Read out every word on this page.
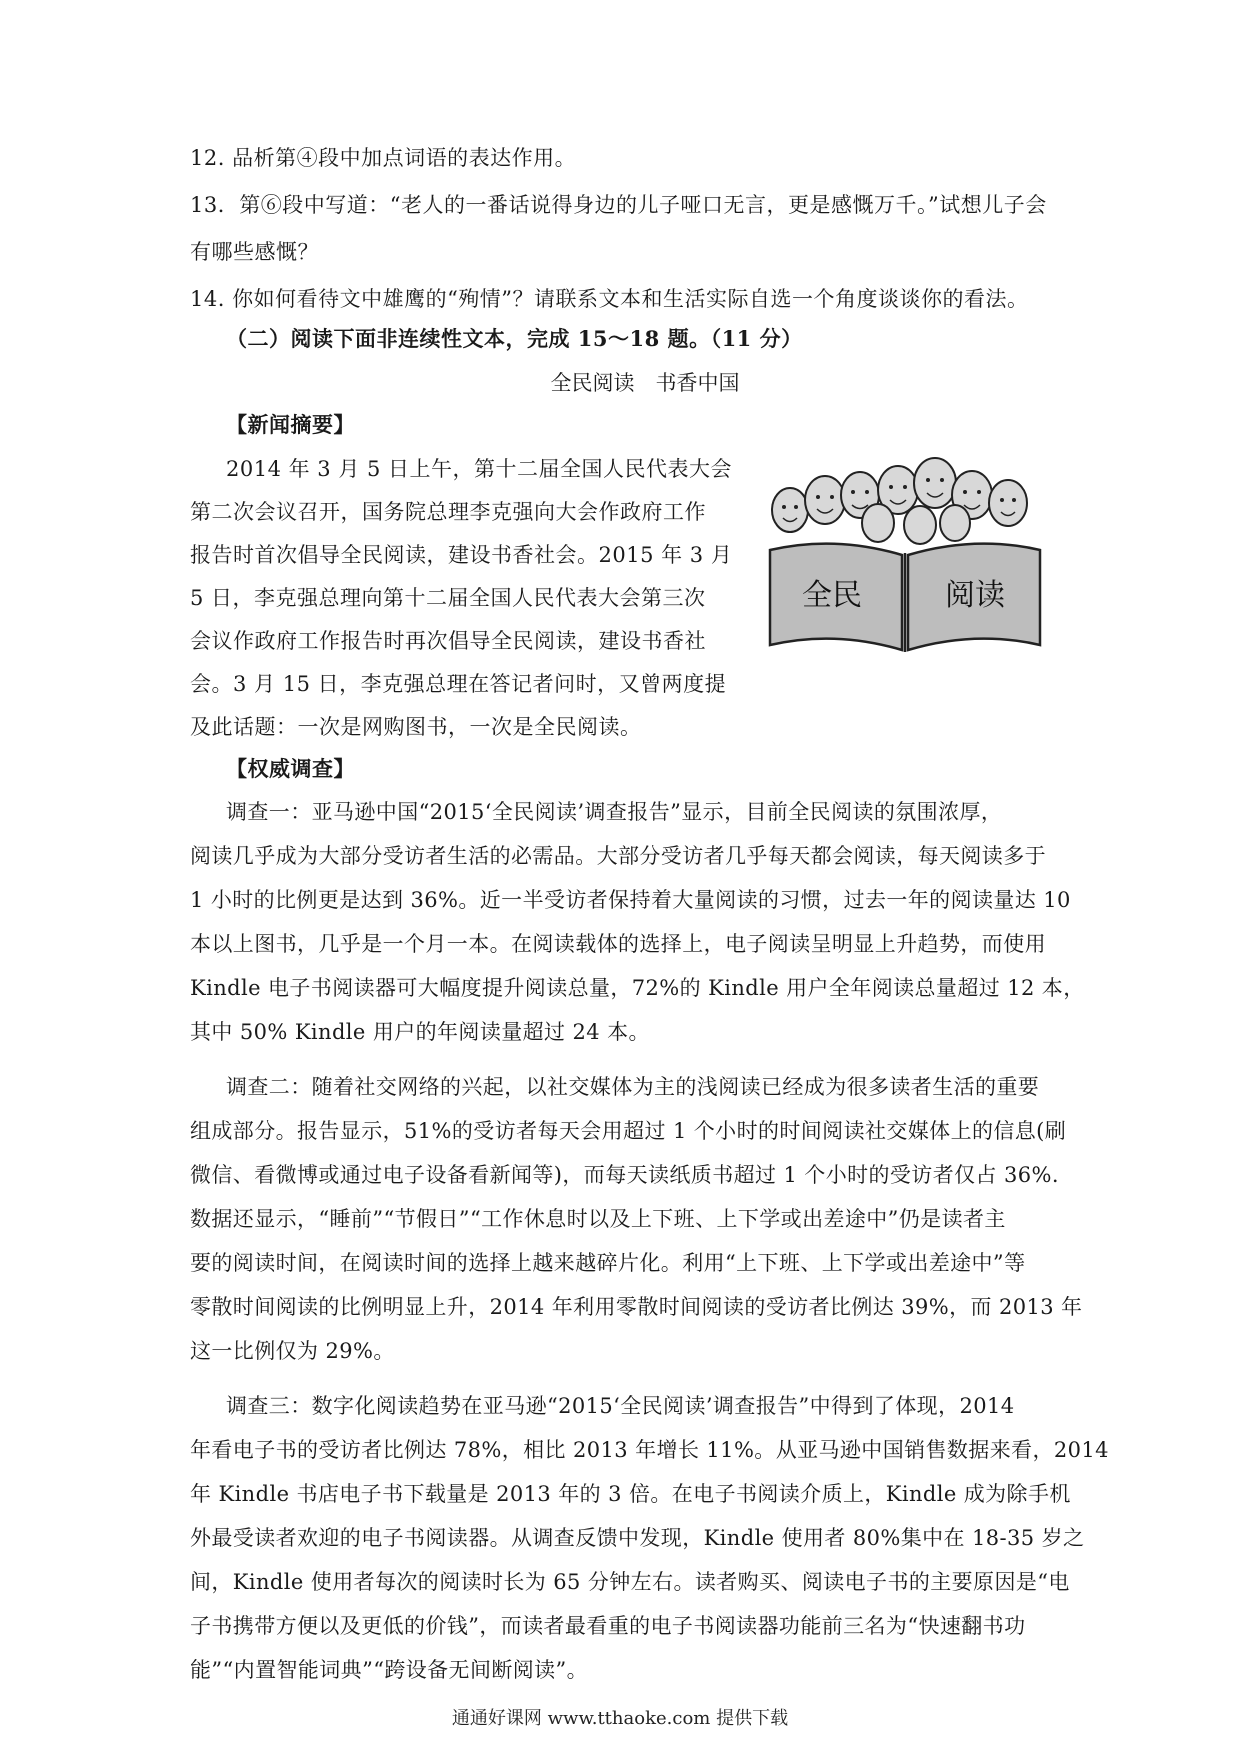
12. 品析第④段中加点词语的表达作用。
13．第⑥段中写道：“老人的一番话说得身边的儿子哑口无言，更是感慨万千。”试想儿子会
有哪些感慨？
14. 你如何看待文中雄鹰的“殉情”？请联系文本和生活实际自选一个角度谈谈你的看法。
（二）阅读下面非连续性文本，完成 15～18 题。（11 分）
全民阅读　书香中国
【新闻摘要】
2014 年 3 月 5 日上午，第十二届全国人民代表大会
第二次会议召开，国务院总理李克强向大会作政府工作
报告时首次倡导全民阅读，建设书香社会。2015 年 3 月
5 日，李克强总理向第十二届全国人民代表大会第三次
会议作政府工作报告时再次倡导全民阅读，建设书香社
会。3 月 15 日，李克强总理在答记者问时，又曾两度提
及此话题：一次是网购图书，一次是全民阅读。
全民	阅读
【权威调查】
调查一：亚马逊中国“2015‘全民阅读’调查报告”显示，目前全民阅读的氛围浓厚，
阅读几乎成为大部分受访者生活的必需品。大部分受访者几乎每天都会阅读，每天阅读多于
1 小时的比例更是达到 36%。近一半受访者保持着大量阅读的习惯，过去一年的阅读量达 10
本以上图书，几乎是一个月一本。在阅读载体的选择上，电子阅读呈明显上升趋势，而使用
Kindle 电子书阅读器可大幅度提升阅读总量，72%的 Kindle 用户全年阅读总量超过 12 本，
其中 50% Kindle 用户的年阅读量超过 24 本。
调查二：随着社交网络的兴起，以社交媒体为主的浅阅读已经成为很多读者生活的重要
组成部分。报告显示，51%的受访者每天会用超过 1 个小时的时间阅读社交媒体上的信息(刷
微信、看微博或通过电子设备看新闻等)，而每天读纸质书超过 1 个小时的受访者仅占 36%.
数据还显示，“睡前”“节假日”“工作休息时以及上下班、上下学或出差途中”仍是读者主
要的阅读时间，在阅读时间的选择上越来越碎片化。利用“上下班、上下学或出差途中”等
零散时间阅读的比例明显上升，2014 年利用零散时间阅读的受访者比例达 39%，而 2013 年
这一比例仅为 29%。
调查三：数字化阅读趋势在亚马逊“2015‘全民阅读’调查报告”中得到了体现，2014
年看电子书的受访者比例达 78%，相比 2013 年增长 11%。从亚马逊中国销售数据来看，2014
年 Kindle 书店电子书下载量是 2013 年的 3 倍。在电子书阅读介质上，Kindle 成为除手机
外最受读者欢迎的电子书阅读器。从调查反馈中发现，Kindle 使用者 80%集中在 18-35 岁之
间，Kindle 使用者每次的阅读时长为 65 分钟左右。读者购买、阅读电子书的主要原因是“电
子书携带方便以及更低的价钱”，而读者最看重的电子书阅读器功能前三名为“快速翻书功
能”“内置智能词典”“跨设备无间断阅读”。
通通好课网 www.tthaoke.com 提供下载
